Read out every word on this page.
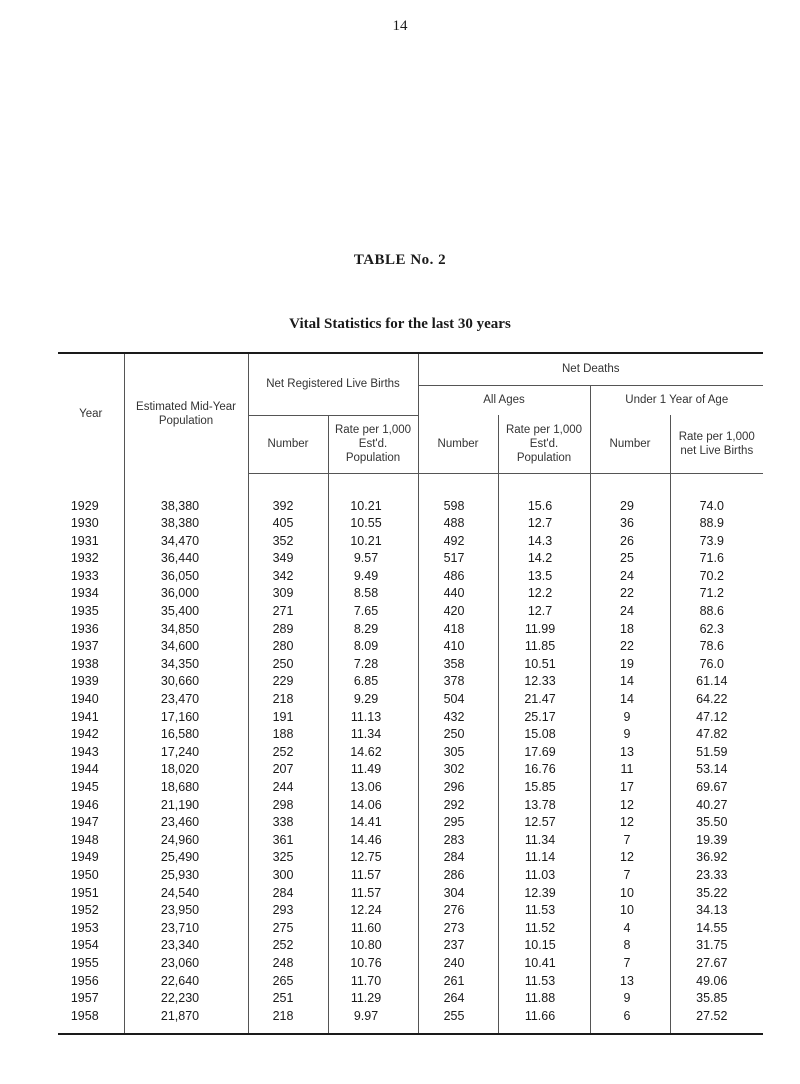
14
TABLE No. 2
Vital Statistics for the last 30 years
Year	Estimated Mid-Year Population	Net Registered Live Births		Net Deaths			
				All Ages		Under 1 Year of Age	
		Number	Rate per 1,000 Est'd. Population	Number	Rate per 1,000 Est'd. Population	Number	Rate per 1,000 net Live Births

1929	38,380	392	10.21	598	15.6	29	74.0
1930	38,380	405	10.55	488	12.7	36	88.9
1931	34,470	352	10.21	492	14.3	26	73.9
1932	36,440	349	9.57	517	14.2	25	71.6
1933	36,050	342	9.49	486	13.5	24	70.2
1934	36,000	309	8.58	440	12.2	22	71.2
1935	35,400	271	7.65	420	12.7	24	88.6
1936	34,850	289	8.29	418	11.99	18	62.3
1937	34,600	280	8.09	410	11.85	22	78.6
1938	34,350	250	7.28	358	10.51	19	76.0
1939	30,660	229	6.85	378	12.33	14	61.14
1940	23,470	218	9.29	504	21.47	14	64.22
1941	17,160	191	11.13	432	25.17	9	47.12
1942	16,580	188	11.34	250	15.08	9	47.82
1943	17,240	252	14.62	305	17.69	13	51.59
1944	18,020	207	11.49	302	16.76	11	53.14
1945	18,680	244	13.06	296	15.85	17	69.67
1946	21,190	298	14.06	292	13.78	12	40.27
1947	23,460	338	14.41	295	12.57	12	35.50
1948	24,960	361	14.46	283	11.34	7	19.39
1949	25,490	325	12.75	284	11.14	12	36.92
1950	25,930	300	11.57	286	11.03	7	23.33
1951	24,540	284	11.57	304	12.39	10	35.22
1952	23,950	293	12.24	276	11.53	10	34.13
1953	23,710	275	11.60	273	11.52	4	14.55
1954	23,340	252	10.80	237	10.15	8	31.75
1955	23,060	248	10.76	240	10.41	7	27.67
1956	22,640	265	11.70	261	11.53	13	49.06
1957	22,230	251	11.29	264	11.88	9	35.85
1958	21,870	218	9.97	255	11.66	6	27.52
